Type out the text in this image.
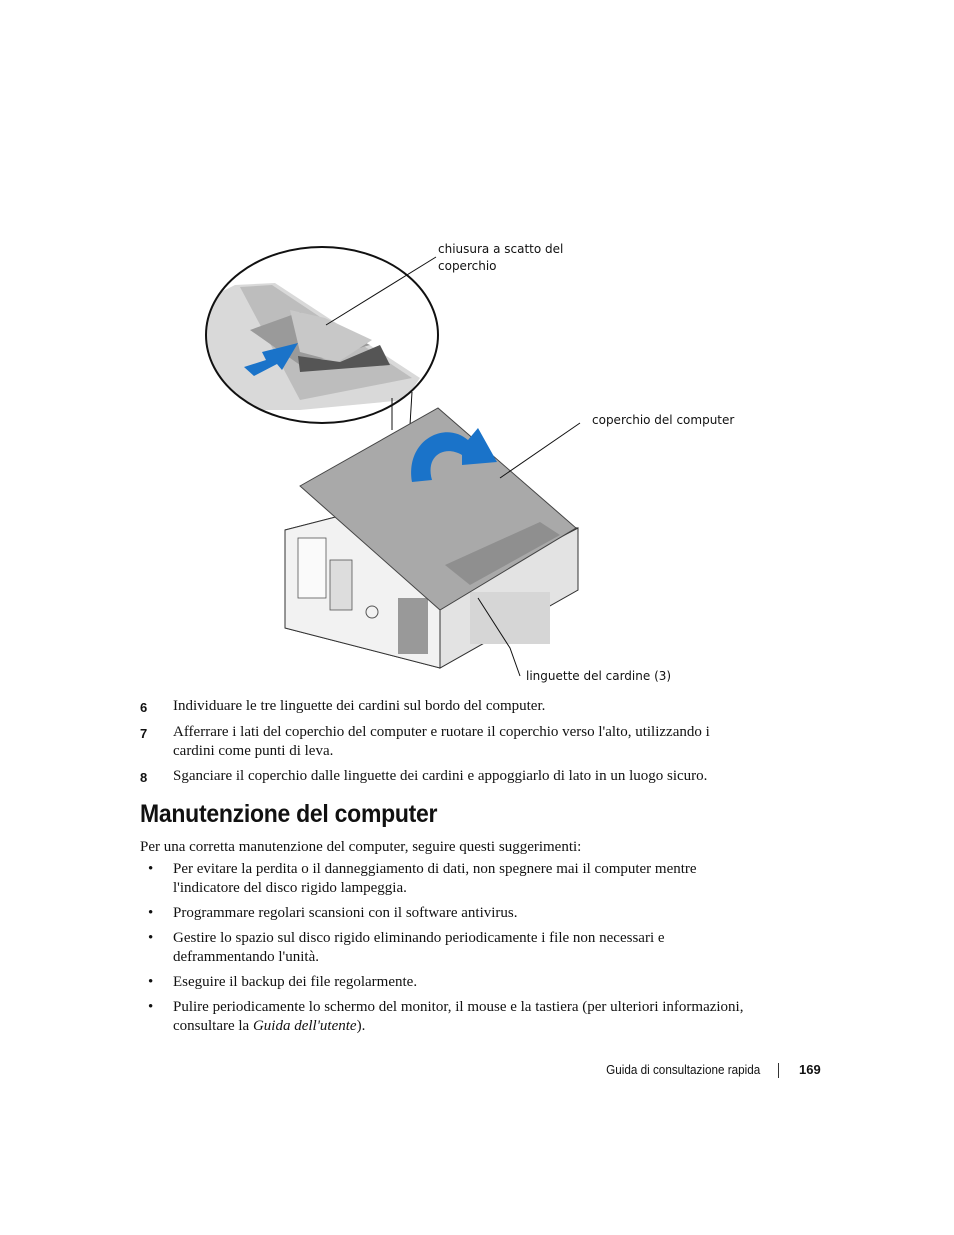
chiusura a scatto del coperchio
coperchio del computer
linguette del cardine (3)
6	Individuare le tre linguette dei cardini sul bordo del computer.
7	Afferrare i lati del coperchio del computer e ruotare il coperchio verso l'alto, utilizzando i cardini come punti di leva.
8	Sganciare il coperchio dalle linguette dei cardini e appoggiarlo di lato in un luogo sicuro.
Manutenzione del computer
Per una corretta manutenzione del computer, seguire questi suggerimenti:
•	Per evitare la perdita o il danneggiamento di dati, non spegnere mai il computer mentre l'indicatore del disco rigido lampeggia.
•	Programmare regolari scansioni con il software antivirus.
•	Gestire lo spazio sul disco rigido eliminando periodicamente i file non necessari e deframmentando l'unità.
•	Eseguire il backup dei file regolarmente.
•	Pulire periodicamente lo schermo del monitor, il mouse e la tastiera (per ulteriori informazioni, consultare la Guida dell'utente).
Guida di consultazione rapida	169
